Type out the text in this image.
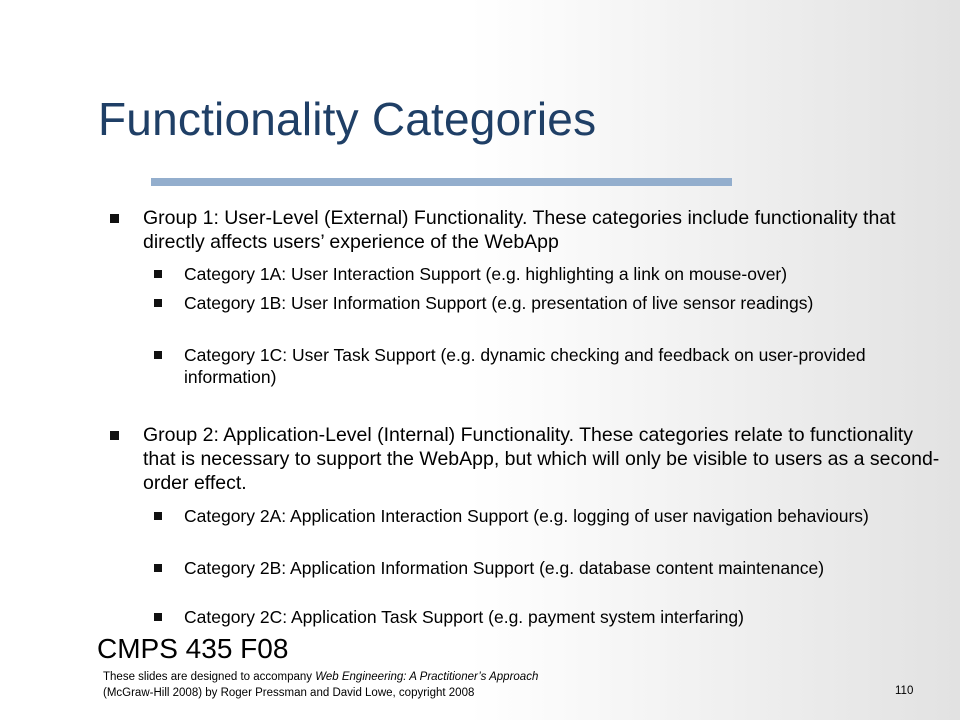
Functionality Categories
Group 1: User-Level (External) Functionality. These categories include functionality that directly affects users’ experience of the WebApp
Category 1A: User Interaction Support (e.g. highlighting a link on mouse-over)
Category 1B: User Information Support (e.g. presentation of live sensor readings)
Category 1C: User Task Support (e.g. dynamic checking and feedback on user-provided information)
Group 2: Application-Level (Internal) Functionality. These categories relate to functionality that is necessary to support the WebApp, but which will only be visible to users as a second-order effect.
Category 2A: Application Interaction Support (e.g. logging of user navigation behaviours)
Category 2B: Application Information Support (e.g. database content maintenance)
Category 2C: Application Task Support (e.g. payment system interfaring)
CMPS 435 F08
These slides are designed to accompany Web Engineering: A Practitioner’s Approach
(McGraw-Hill 2008) by Roger Pressman and David Lowe, copyright 2008	110
